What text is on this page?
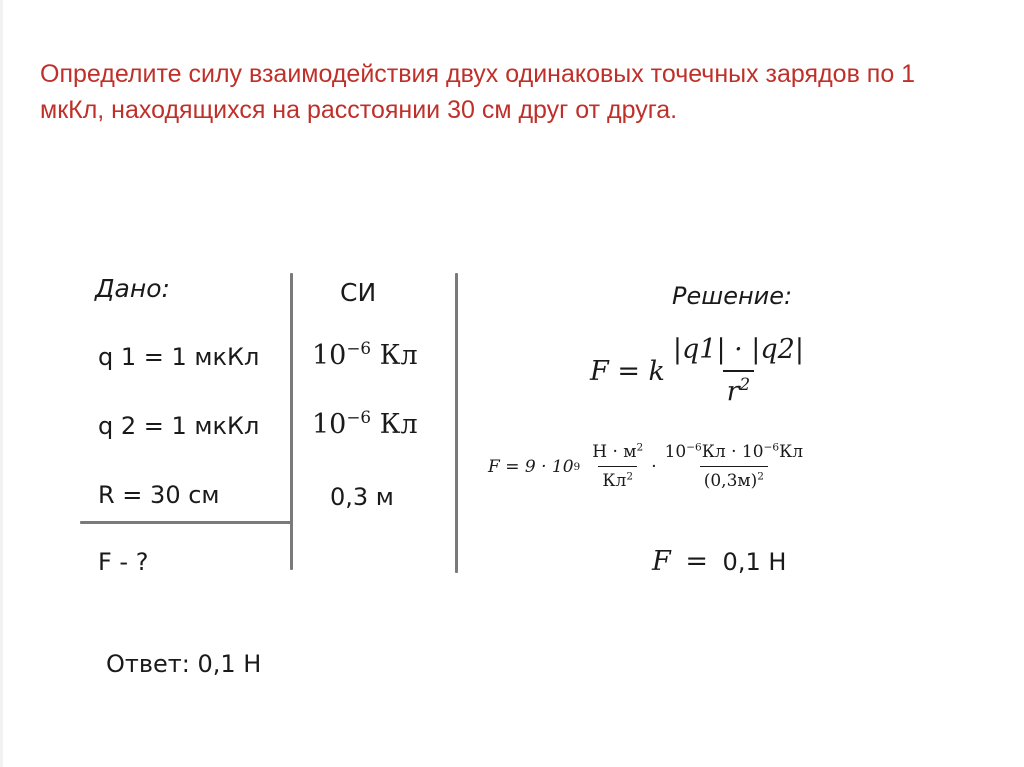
Определите силу взаимодействия двух одинаковых точечных зарядов по 1 мкКл, находящихся на расстоянии 30 см друг от друга.

Дано:
q 1 = 1 мкКл
q 2 = 1 мкКл
R = 30 см
F - ?
СИ
$10^{-6}$ Кл
$10^{-6}$ Кл
0,3 м
Решение:
F = k $\frac{|q1| \cdot |q2|}{r^2}$
F = 9 · 10 $9 \frac{Н \cdot м^2}{Кл^2} \cdot \frac{10^{-6}Кл \cdot 10^{-6}Кл}{(0,3м)^2}$
F = 0,1 Н
Ответ: 0,1 Н
